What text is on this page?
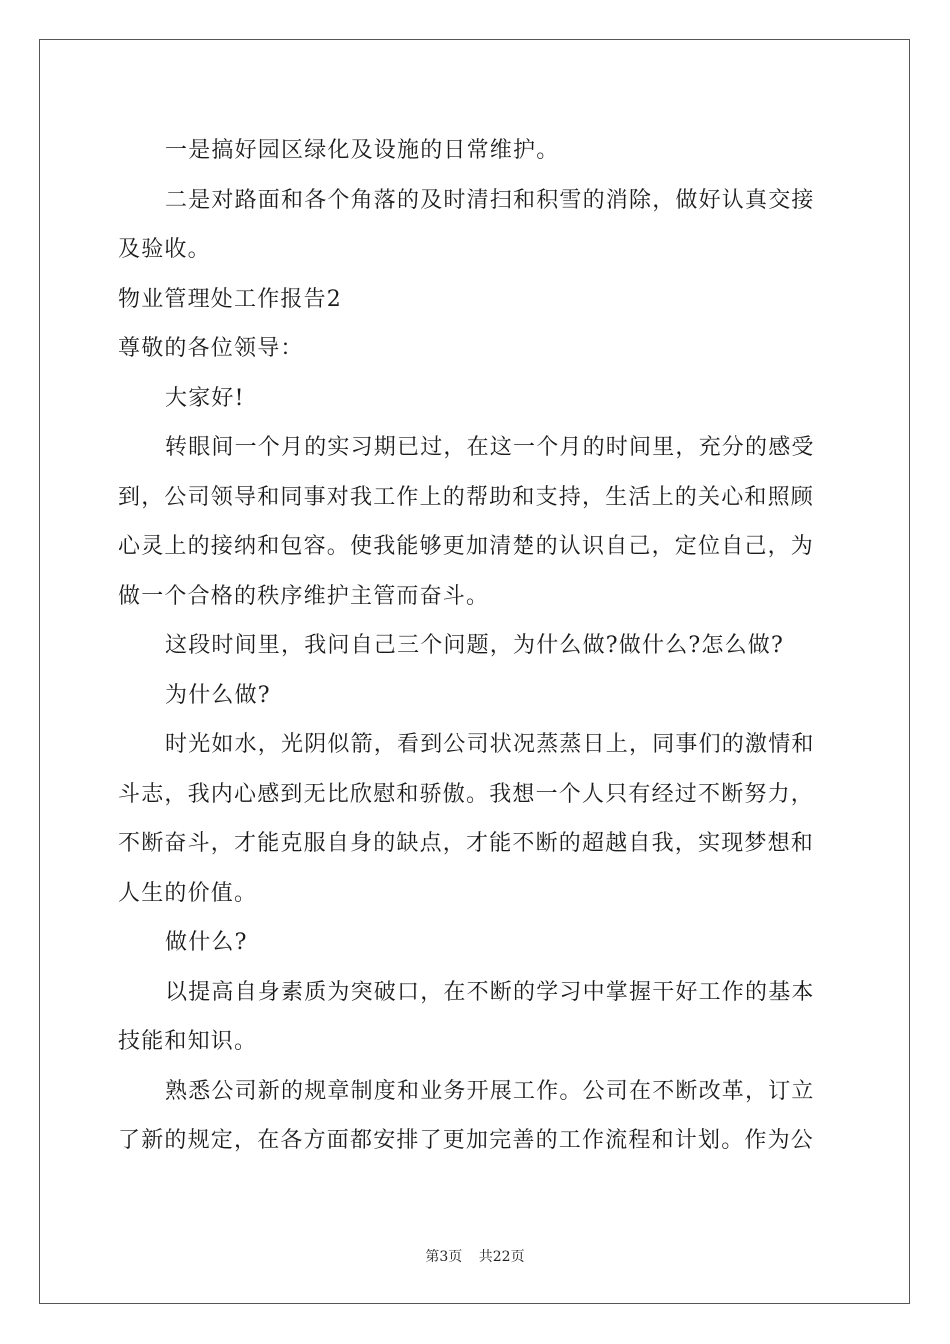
一是搞好园区绿化及设施的日常维护。
二是对路面和各个角落的及时清扫和积雪的消除，做好认真交接
及验收。
物业管理处工作报告2
尊敬的各位领导：
大家好!
转眼间一个月的实习期已过，在这一个月的时间里，充分的感受
到，公司领导和同事对我工作上的帮助和支持，生活上的关心和照顾
心灵上的接纳和包容。使我能够更加清楚的认识自己，定位自己，为
做一个合格的秩序维护主管而奋斗。
这段时间里，我问自己三个问题，为什么做?做什么?怎么做?
为什么做?
时光如水，光阴似箭，看到公司状况蒸蒸日上，同事们的激情和
斗志，我内心感到无比欣慰和骄傲。我想一个人只有经过不断努力，
不断奋斗，才能克服自身的缺点，才能不断的超越自我，实现梦想和
人生的价值。
做什么?
以提高自身素质为突破口，在不断的学习中掌握干好工作的基本
技能和知识。
熟悉公司新的规章制度和业务开展工作。公司在不断改革，订立
了新的规定，在各方面都安排了更加完善的工作流程和计划。作为公
第3页 共22页
